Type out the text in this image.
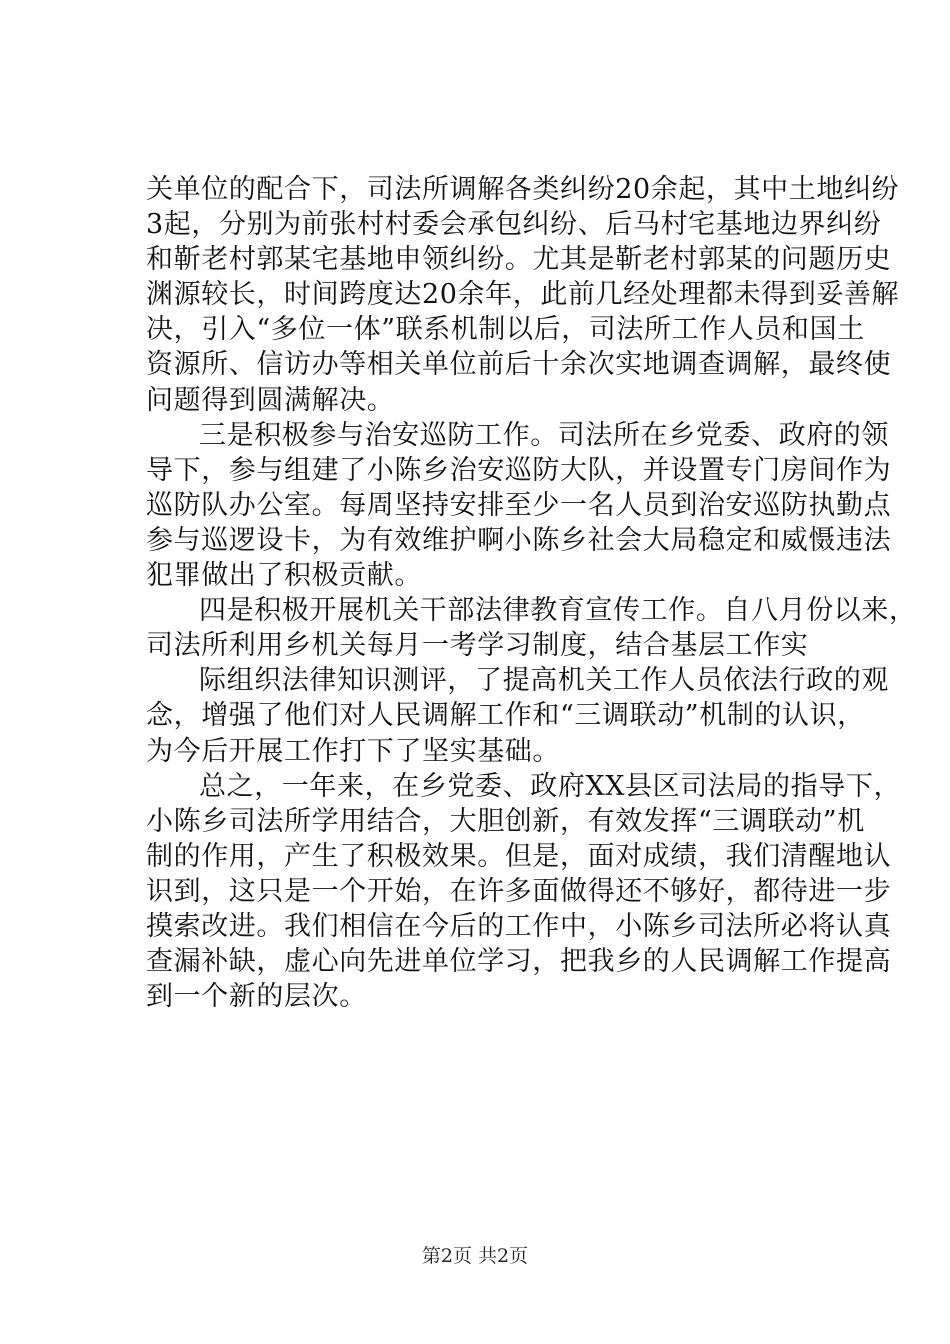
关单位的配合下，司法所调解各类纠纷20余起，其中土地纠纷
3起，分别为前张村村委会承包纠纷、后马村宅基地边界纠纷
和靳老村郭某宅基地申领纠纷。尤其是靳老村郭某的问题历史
渊源较长，时间跨度达20余年，此前几经处理都未得到妥善解
决，引入“多位一体”联系机制以后，司法所工作人员和国土
资源所、信访办等相关单位前后十余次实地调查调解，最终使
问题得到圆满解决。
三是积极参与治安巡防工作。司法所在乡党委、政府的领
导下，参与组建了小陈乡治安巡防大队，并设置专门房间作为
巡防队办公室。每周坚持安排至少一名人员到治安巡防执勤点
参与巡逻设卡，为有效维护啊小陈乡社会大局稳定和威慑违法
犯罪做出了积极贡献。
四是积极开展机关干部法律教育宣传工作。自八月份以来，
司法所利用乡机关每月一考学习制度，结合基层工作实
际组织法律知识测评，了提高机关工作人员依法行政的观
念，增强了他们对人民调解工作和“三调联动”机制的认识，
为今后开展工作打下了坚实基础。
总之，一年来，在乡党委、政府XX县区司法局的指导下，
小陈乡司法所学用结合，大胆创新，有效发挥“三调联动”机
制的作用，产生了积极效果。但是，面对成绩，我们清醒地认
识到，这只是一个开始，在许多面做得还不够好，都待进一步
摸索改进。我们相信在今后的工作中，小陈乡司法所必将认真
查漏补缺，虚心向先进单位学习，把我乡的人民调解工作提高
到一个新的层次。
第2页 共2页
